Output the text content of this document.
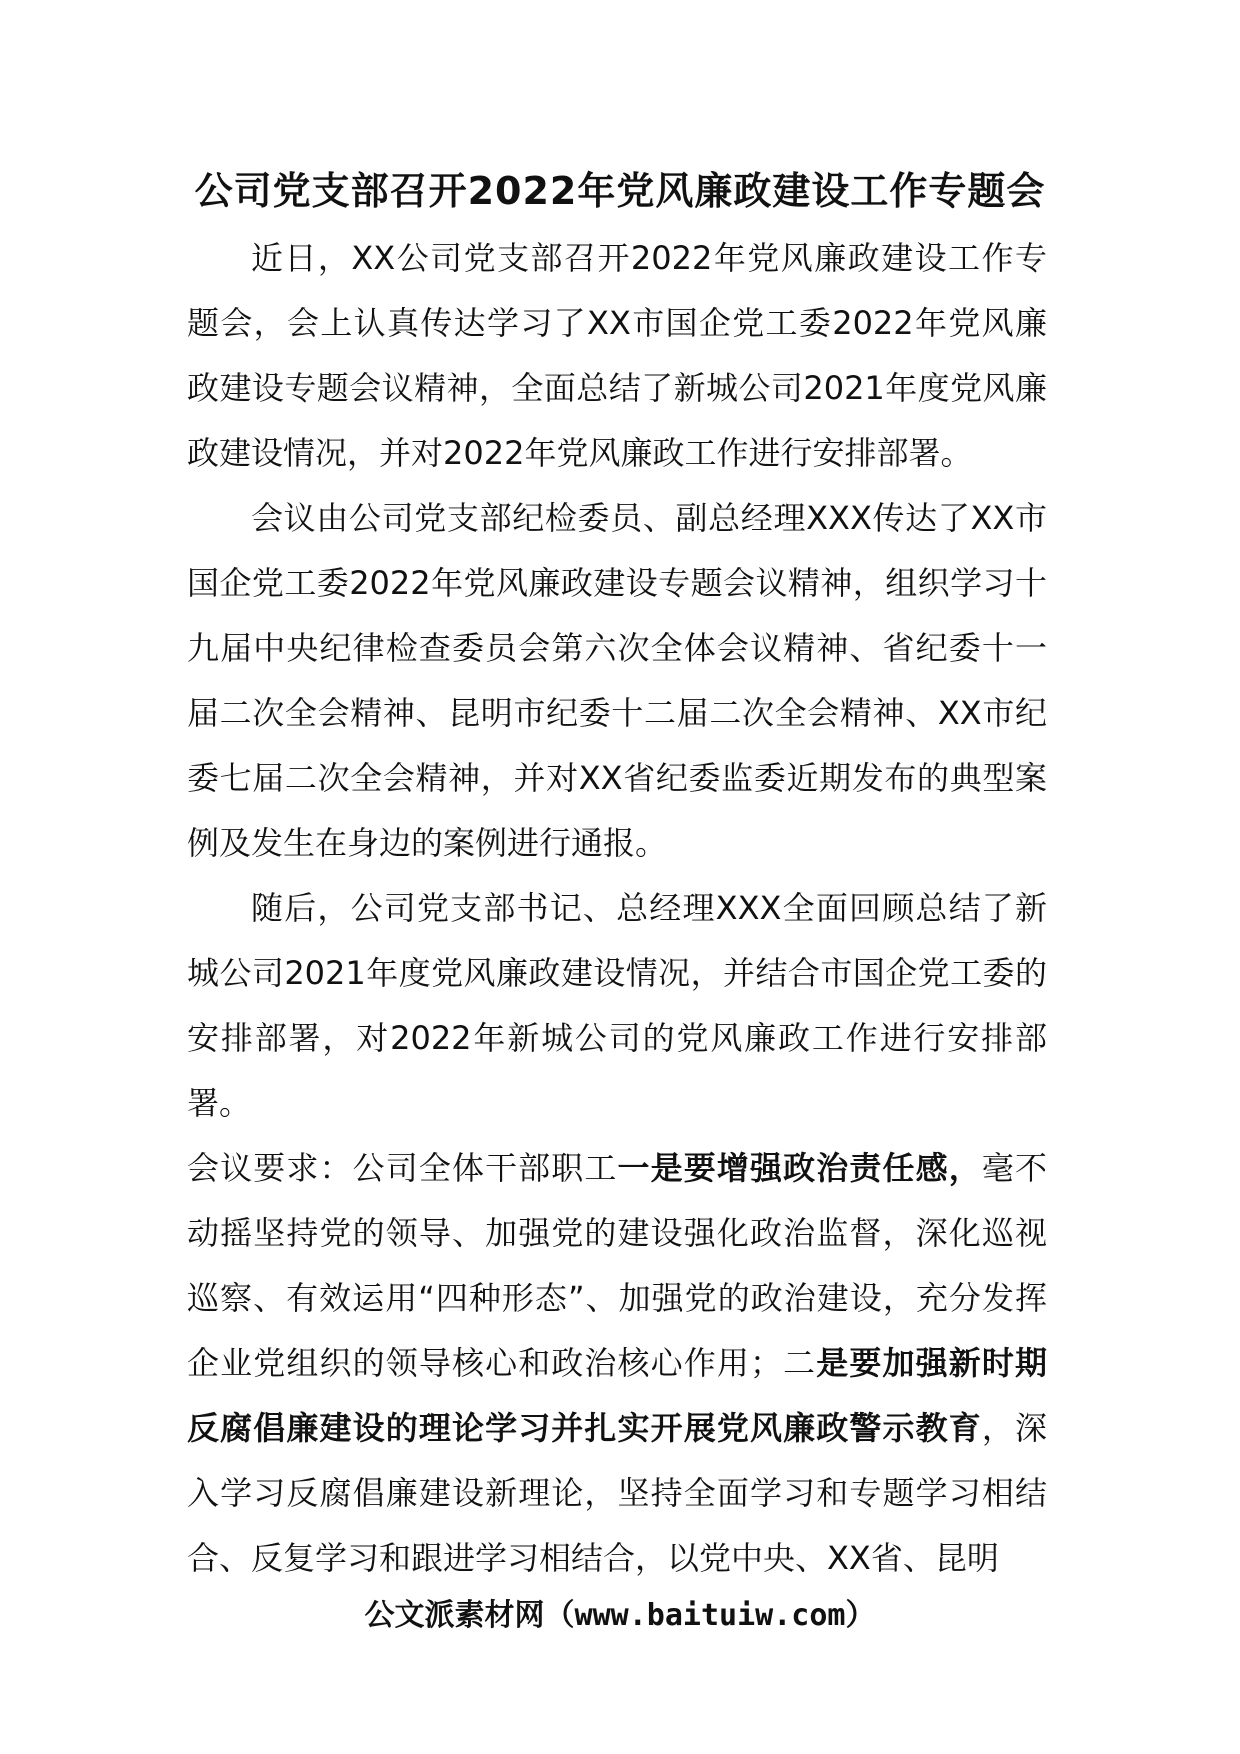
公司党支部召开2022年党风廉政建设工作专题会

近日，XX公司党支部召开2022年党风廉政建设工作专题会，会上认真传达学习了XX市国企党工委2022年党风廉政建设专题会议精神，全面总结了新城公司2021年度党风廉政建设情况，并对2022年党风廉政工作进行安排部署。

会议由公司党支部纪检委员、副总经理XXX传达了XX市国企党工委2022年党风廉政建设专题会议精神，组织学习十九届中央纪律检查委员会第六次全体会议精神、省纪委十一届二次全会精神、昆明市纪委十二届二次全会精神、XX市纪委七届二次全会精神，并对XX省纪委监委近期发布的典型案例及发生在身边的案例进行通报。

随后，公司党支部书记、总经理XXX全面回顾总结了新城公司2021年度党风廉政建设情况，并结合市国企党工委的安排部署，对2022年新城公司的党风廉政工作进行安排部署。

会议要求：公司全体干部职工一是要增强政治责任感，毫不动摇坚持党的领导、加强党的建设强化政治监督，深化巡视巡察、有效运用“四种形态”、加强党的政治建设，充分发挥企业党组织的领导核心和政治核心作用；二是要加强新时期反腐倡廉建设的理论学习并扎实开展党风廉政警示教育，深入学习反腐倡廉建设新理论，坚持全面学习和专题学习相结合、反复学习和跟进学习相结合，以党中央、XX省、昆明

公文派素材网（www.baituiw.com）
